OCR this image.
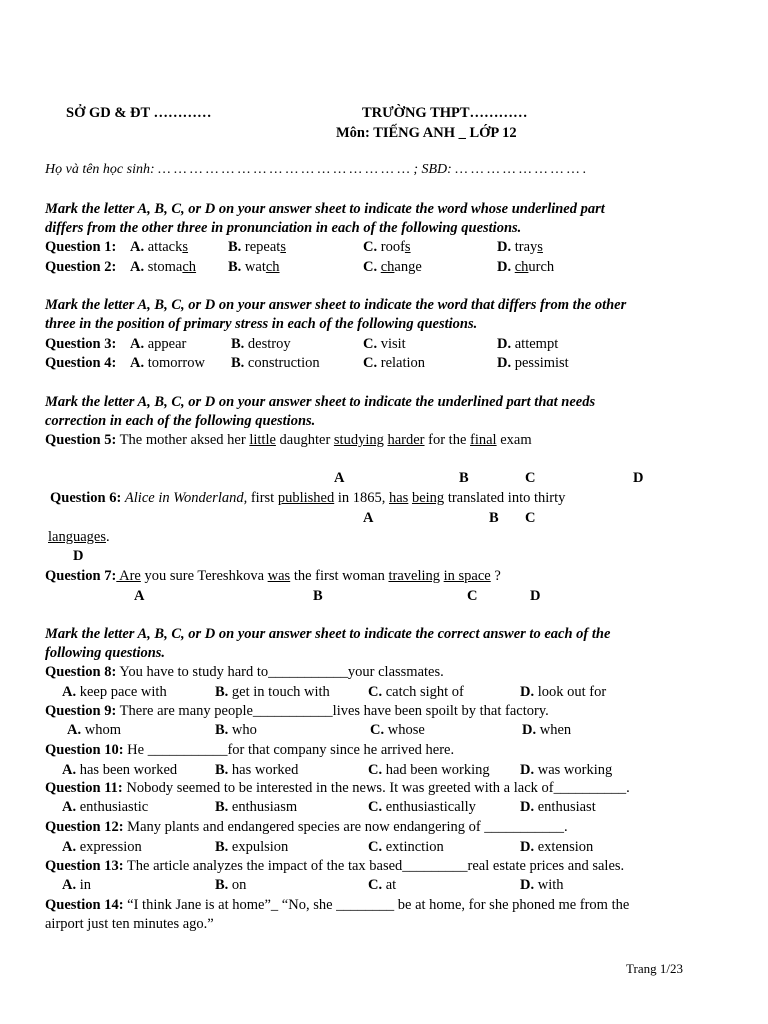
SỞ GD & ĐT …………	TRƯỜNG THPT…………
Môn: TIẾNG ANH _ LỚP 12
Họ và tên học sinh: … … … … … … … … … … … … … … … … ; SBD: … … … … … … … … .
Mark the letter A, B, C, or D on your answer sheet to indicate the word whose underlined part
differs from the other three in pronunciation in each of the following questions.
Question 1: A. attacks	B. repeats	C. roofs	D. trays
Question 2: A. stomach B. watch	C. change	D. church
Mark the letter A, B, C, or D on your answer sheet to indicate the word that differs from the other
three in the position of primary stress in each of the following questions.
Question 3: A. appear	B. destroy	C. visit	D. attempt
Question 4: A. tomorrow B. construction	C. relation	D. pessimist
Mark the letter A, B, C, or D on your answer sheet to indicate the underlined part that needs
correction in each of the following questions.
Question 5: The mother aksed her little daughter studying harder for the final exam
A	B	C	D
Question 6: Alice in Wonderland, first published in 1865, has being translated into thirty
A	B C
languages.
D
Question 7: Are you sure Tereshkova was the first woman traveling in space ?
A	B	C	D
Mark the letter A, B, C, or D on your answer sheet to indicate the correct answer to each of the
following questions.
Question 8: You have to study hard to___________your classmates.
A. keep pace with	B. get in touch with	C. catch sight of	D. look out for
Question 9: There are many people___________lives have been spoilt by that factory.
A. whom	B. who	C. whose	D. when
Question 10: He ___________for that company since he arrived here.
A. has been worked	B. has worked	C. had been working D. was working
Question 11: Nobody seemed to be interested in the news. It was greeted with a lack of__________.
A. enthusiastic	B. enthusiasm	C. enthusiastically	D. enthusiast
Question 12: Many plants and endangered species are now endangering of ___________.
A. expression	B. expulsion	C. extinction	D. extension
Question 13: The article analyzes the impact of the tax based_________real estate prices and sales.
A. in	B. on	C. at	D. with
Question 14: “I think Jane is at home”_ “No, she ________ be at home, for she phoned me from the
airport just ten minutes ago.”
Trang 1/23
